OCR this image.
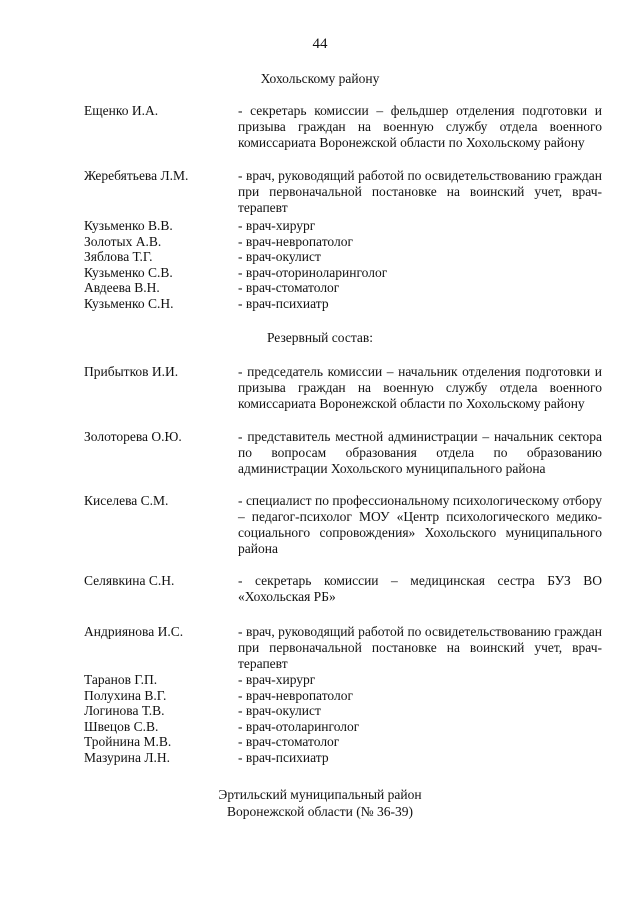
44
Хохольскому району
Ещенко И.А.	- секретарь комиссии – фельдшер отделения подготовки и призыва граждан на военную службу отдела военного комиссариата Воронежской области по Хохольскому району
Жеребятьева Л.М.	- врач, руководящий работой по освидетельствованию граждан при первоначальной постановке на воинский учет, врач-терапевт
Кузьменко В.В.	- врач-хирург
Золотых А.В.	- врач-невропатолог
Зяблова Т.Г.	- врач-окулист
Кузьменко С.В.	- врач-оториноларинголог
Авдеева В.Н.	- врач-стоматолог
Кузьменко С.Н.	- врач-психиатр
Резервный состав:
Прибытков И.И.	- председатель комиссии – начальник отделения подготовки и призыва граждан на военную службу отдела военного комиссариата Воронежской области по Хохольскому району
Золоторева О.Ю.	- представитель местной администрации – начальник сектора по вопросам образования отдела по образованию администрации Хохольского муниципального района
Киселева С.М.	- специалист по профессиональному психологическому отбору – педагог-психолог МОУ «Центр психологического медико-социального сопровождения» Хохольского муниципального района
Селявкина С.Н.	- секретарь комиссии – медицинская сестра БУЗ ВО «Хохольская РБ»
Андриянова И.С.	- врач, руководящий работой по освидетельствованию граждан при первоначальной постановке на воинский учет, врач-терапевт
Таранов Г.П.	- врач-хирург
Полухина В.Г.	- врач-невропатолог
Логинова Т.В.	- врач-окулист
Швецов С.В.	- врач-отоларинголог
Тройнина М.В.	- врач-стоматолог
Мазурина Л.Н.	- врач-психиатр
Эртильский муниципальный район
Воронежской области (№ 36-39)
